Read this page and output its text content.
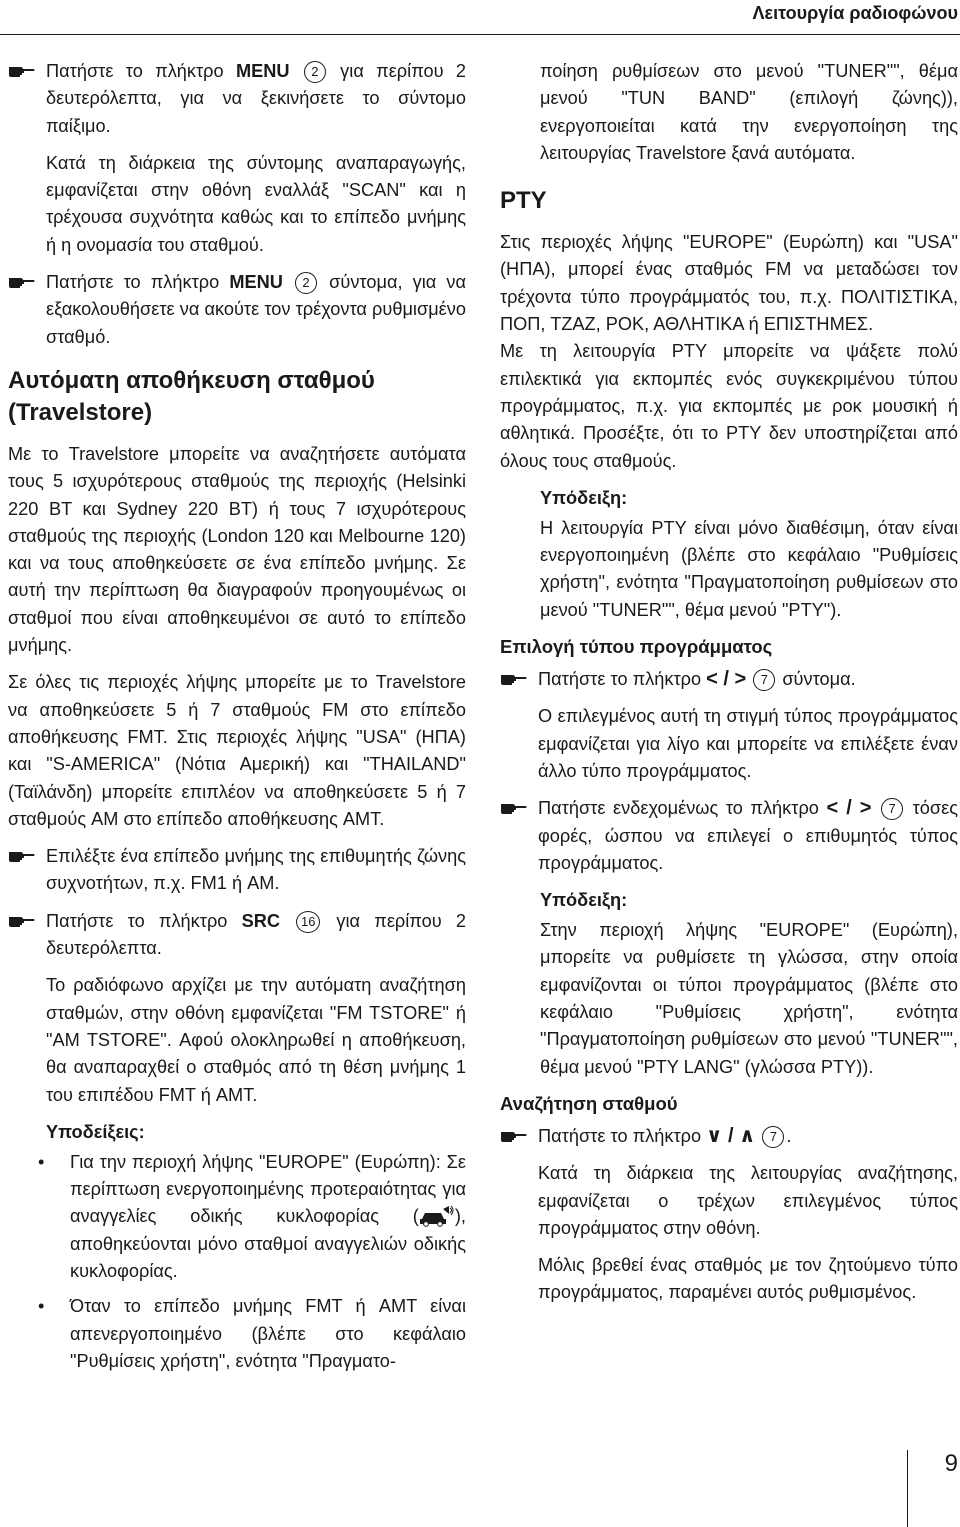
Λειτουργία ραδιοφώνου

Πατήστε το πλήκτρο MENU 2 για περίπου 2 δευτερόλεπτα, για να ξεκινήσετε το σύντομο παίξιμο.

Κατά τη διάρκεια της σύντομης αναπαραγωγής, εμφανίζεται στην οθόνη εναλλάξ "SCAN" και η τρέχουσα συχνότητα καθώς και το επίπεδο μνήμης ή η ονομασία του σταθμού.

Πατήστε το πλήκτρο MENU 2 σύντομα, για να εξακολουθήσετε να ακούτε τον τρέχοντα ρυθμισμένο σταθμό.

Αυτόματη αποθήκευση σταθμού (Travelstore)

Με το Travelstore μπορείτε να αναζητήσετε αυτόματα τους 5 ισχυρότερους σταθμούς της περιοχής (Helsinki 220 BT και Sydney 220 BT) ή τους 7 ισχυρότερους σταθμούς της περιοχής (London 120 και Melbourne 120) και να τους αποθηκεύσετε σε ένα επίπεδο μνήμης. Σε αυτή την περίπτωση θα διαγραφούν προηγουμένως οι σταθμοί που είναι αποθηκευμένοι σε αυτό το επίπεδο μνήμης.

Σε όλες τις περιοχές λήψης μπορείτε με το Travelstore να αποθηκεύσετε 5 ή 7 σταθμούς FM στο επίπεδο αποθήκευσης FMT. Στις περιοχές λήψης "USA" (ΗΠΑ) και "S-AMERICA" (Νότια Αμερική) και "THAILAND" (Ταϊλάνδη) μπορείτε επιπλέον να αποθηκεύσετε 5 ή 7 σταθμούς AM στο επίπεδο αποθήκευσης AMT.

Επιλέξτε ένα επίπεδο μνήμης της επιθυμητής ζώνης συχνοτήτων, π.χ. FM1 ή AM.

Πατήστε το πλήκτρο SRC 16 για περίπου 2 δευτερόλεπτα.

Το ραδιόφωνο αρχίζει με την αυτόματη αναζήτηση σταθμών, στην οθόνη εμφανίζεται "FM TSTORE" ή "AM TSTORE". Αφού ολοκληρωθεί η αποθήκευση, θα αναπαραχθεί ο σταθμός από τη θέση μνήμης 1 του επιπέδου FMT ή AMT.

Υποδείξεις:
• Για την περιοχή λήψης "EUROPE" (Ευρώπη): Σε περίπτωση ενεργοποιημένης προτεραιότητας για αναγγελίες οδικής κυκλοφορίας ( ), αποθηκεύονται μόνο σταθμοί αναγγελιών οδικής κυκλοφορίας.
• Όταν το επίπεδο μνήμης FMT ή AMT είναι απενεργοποιημένο (βλέπε στο κεφάλαιο "Ρυθμίσεις χρήστη", ενότητα "Πραγματο-

ποίηση ρυθμίσεων στο μενού "TUNER"", θέμα μενού "TUN BAND" (επιλογή ζώνης)), ενεργοποιείται κατά την ενεργοποίηση της λειτουργίας Travelstore ξανά αυτόματα.

PTY

Στις περιοχές λήψης "EUROPE" (Ευρώπη) και "USA" (ΗΠΑ), μπορεί ένας σταθμός FM να μεταδώσει τον τρέχοντα τύπο προγράμματός του, π.χ. ΠΟΛΙΤΙΣΤΙΚΑ, ΠΟΠ, ΤΖΑΖ, ΡΟΚ, ΑΘΛΗΤΙΚΑ ή ΕΠΙΣΤΗΜΕΣ.

Με τη λειτουργία PTY μπορείτε να ψάξετε πολύ επιλεκτικά για εκπομπές ενός συγκεκριμένου τύπου προγράμματος, π.χ. για εκπομπές με ροκ μουσική ή αθλητικά. Προσέξτε, ότι το PTY δεν υποστηρίζεται από όλους τους σταθμούς.

Υπόδειξη:

Η λειτουργία PTY είναι μόνο διαθέσιμη, όταν είναι ενεργοποιημένη (βλέπε στο κεφάλαιο "Ρυθμίσεις χρήστη", ενότητα "Πραγματοποίηση ρυθμίσεων στο μενού "TUNER"", θέμα μενού "PTY").

Επιλογή τύπου προγράμματος

Πατήστε το πλήκτρο < / > 7 σύντομα.

Ο επιλεγμένος αυτή τη στιγμή τύπος προγράμματος εμφανίζεται για λίγο και μπορείτε να επιλέξετε έναν άλλο τύπο προγράμματος.

Πατήστε ενδεχομένως το πλήκτρο < / > 7 τόσες φορές, ώσπου να επιλεγεί ο επιθυμητός τύπος προγράμματος.

Υπόδειξη:

Στην περιοχή λήψης "EUROPE" (Ευρώπη), μπορείτε να ρυθμίσετε τη γλώσσα, στην οποία εμφανίζονται οι τύποι προγράμματος (βλέπε στο κεφάλαιο "Ρυθμίσεις χρήστη", ενότητα "Πραγματοποίηση ρυθμίσεων στο μενού "TUNER"", θέμα μενού "PTY LANG" (γλώσσα PTY)).

Αναζήτηση σταθμού

Πατήστε το πλήκτρο ∨ / ∧ 7 .

Κατά τη διάρκεια της λειτουργίας αναζήτησης, εμφανίζεται ο τρέχων επιλεγμένος τύπος προγράμματος στην οθόνη.

Μόλις βρεθεί ένας σταθμός με τον ζητούμενο τύπο προγράμματος, παραμένει αυτός ρυθμισμένος.

9
